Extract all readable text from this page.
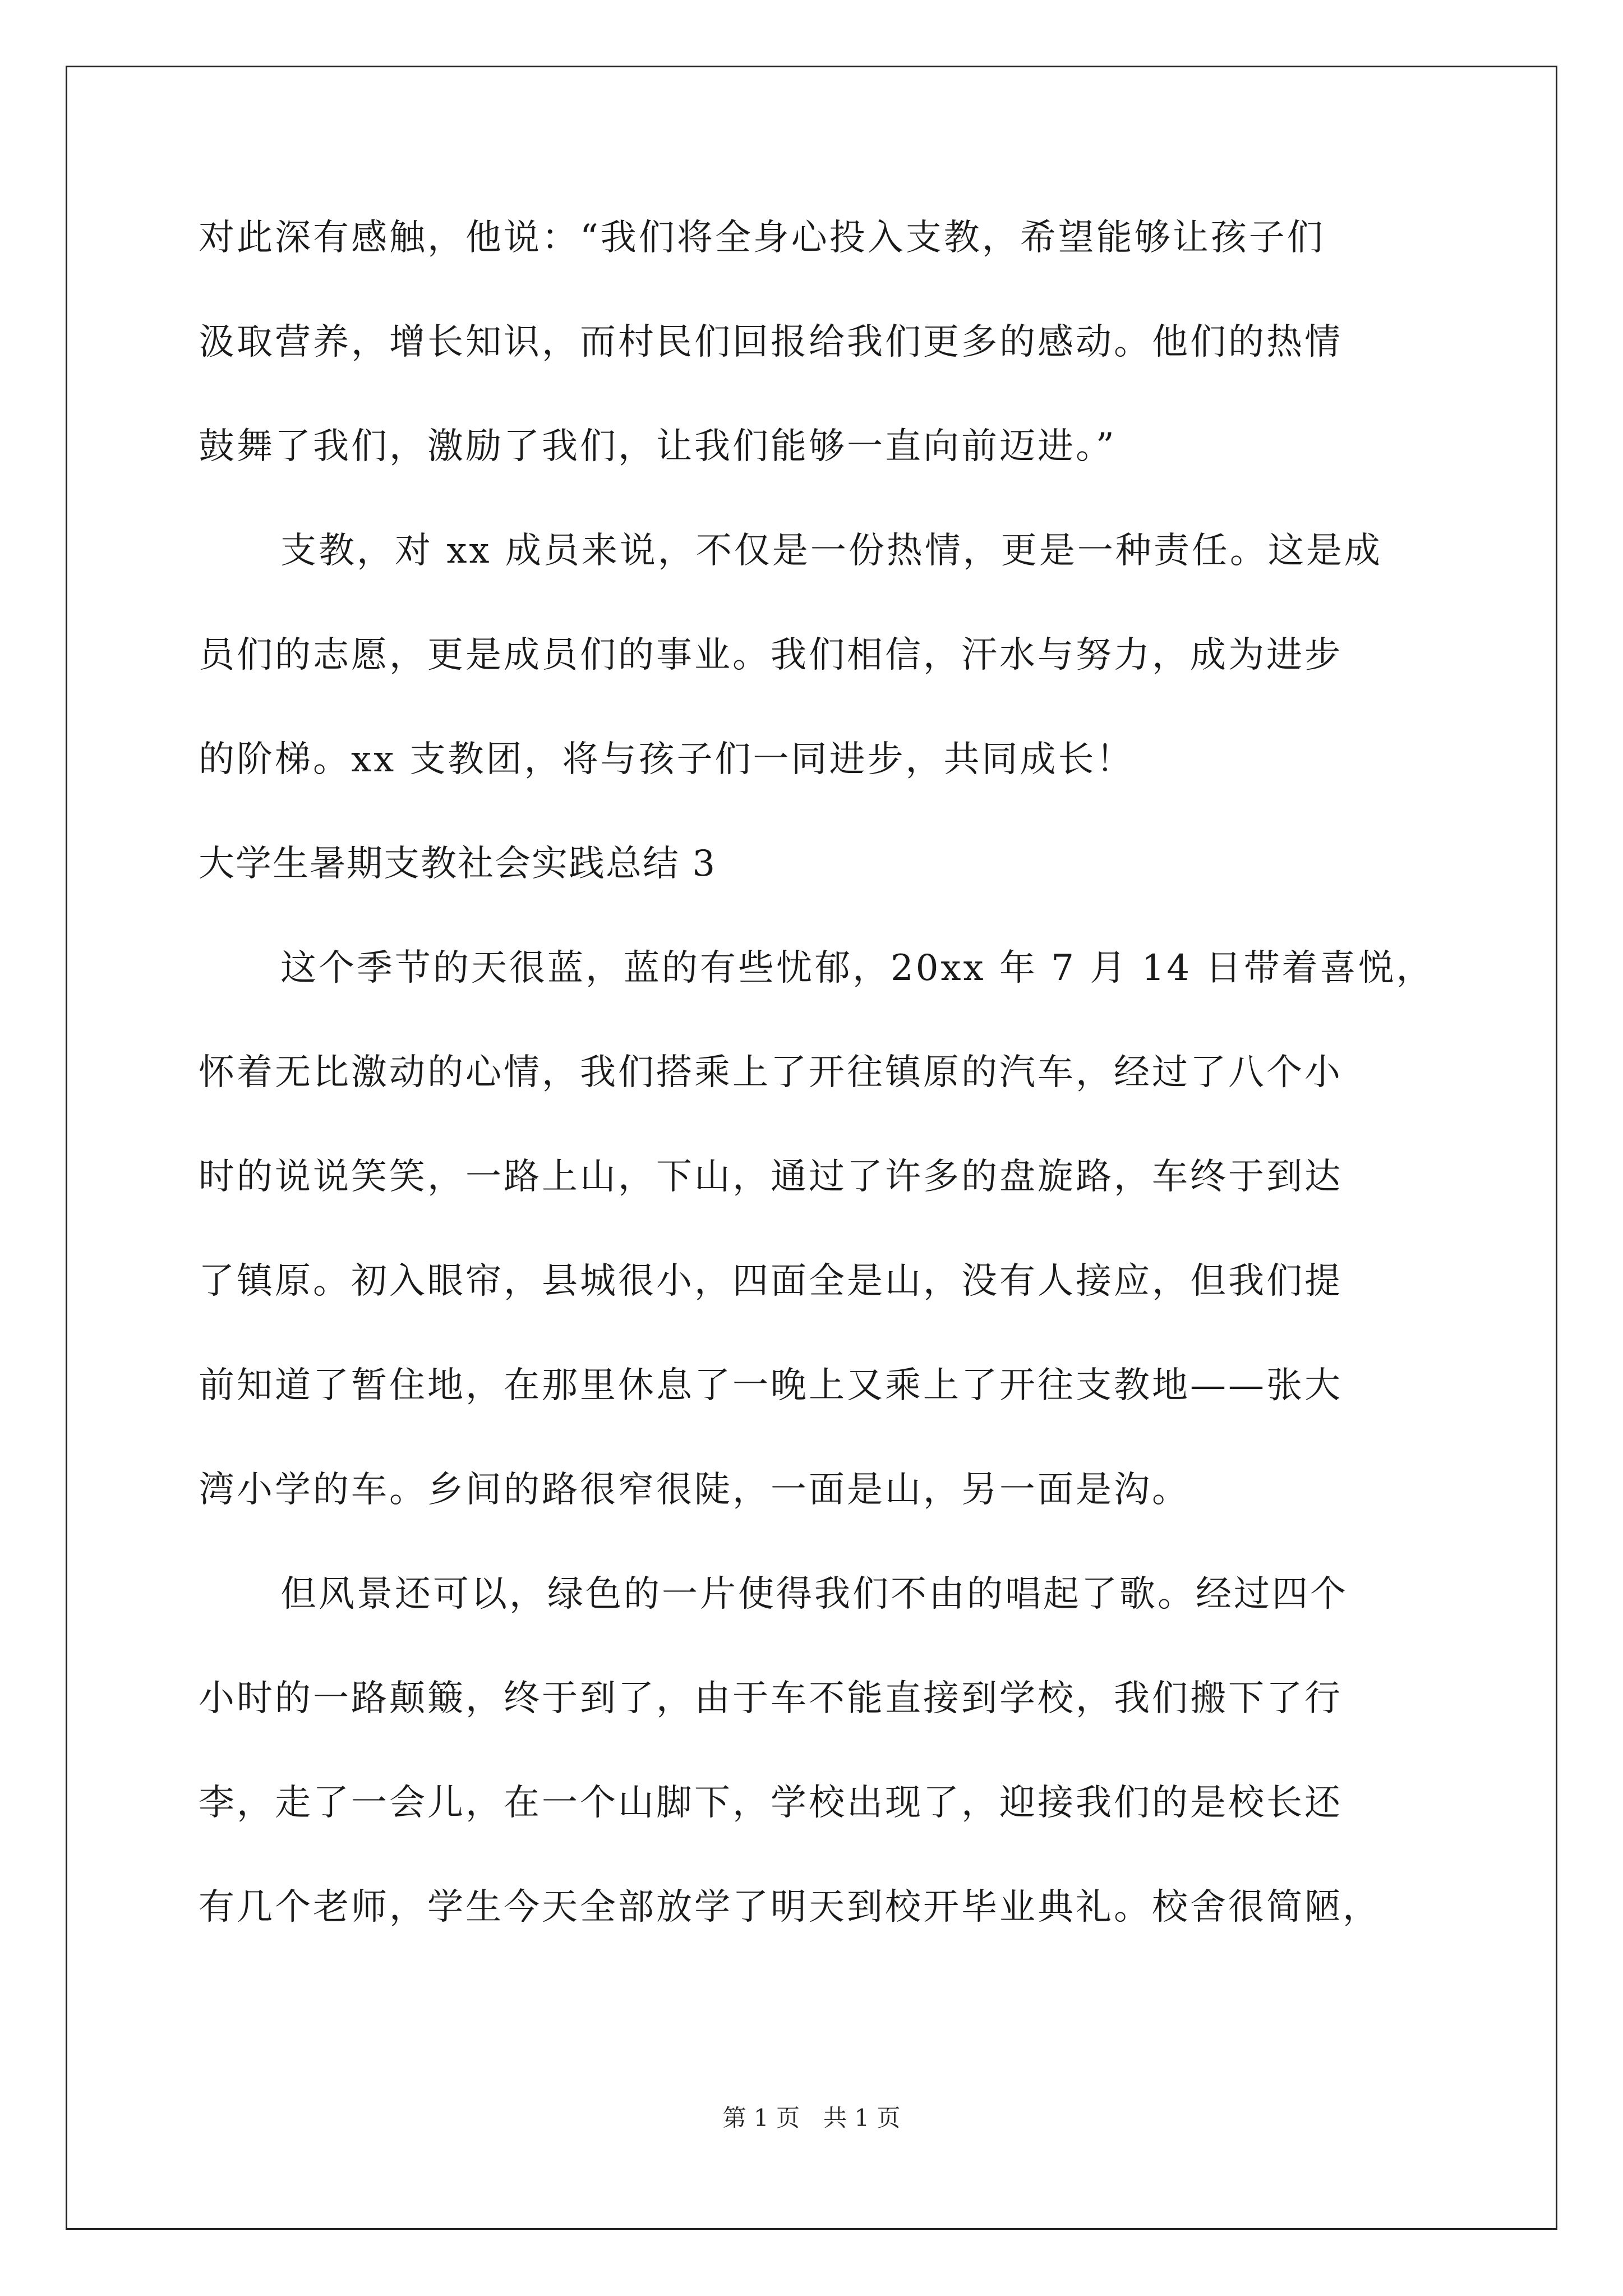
对此深有感触，他说：“我们将全身心投入支教，希望能够让孩子们
汲取营养，增长知识，而村民们回报给我们更多的感动。他们的热情
鼓舞了我们，激励了我们，让我们能够一直向前迈进。”
支教，对 xx 成员来说，不仅是一份热情，更是一种责任。这是成
员们的志愿，更是成员们的事业。我们相信，汗水与努力，成为进步
的阶梯。xx 支教团，将与孩子们一同进步，共同成长！
大学生暑期支教社会实践总结 3
这个季节的天很蓝，蓝的有些忧郁，20xx 年 7 月 14 日带着喜悦，
怀着无比激动的心情，我们搭乘上了开往镇原的汽车，经过了八个小
时的说说笑笑，一路上山，下山，通过了许多的盘旋路，车终于到达
了镇原。初入眼帘，县城很小，四面全是山，没有人接应，但我们提
前知道了暂住地，在那里休息了一晚上又乘上了开往支教地——张大
湾小学的车。乡间的路很窄很陡，一面是山，另一面是沟。
但风景还可以，绿色的一片使得我们不由的唱起了歌。经过四个
小时的一路颠簸，终于到了，由于车不能直接到学校，我们搬下了行
李，走了一会儿，在一个山脚下，学校出现了，迎接我们的是校长还
有几个老师，学生今天全部放学了明天到校开毕业典礼。校舍很简陋，
第 1 页　共 1 页
